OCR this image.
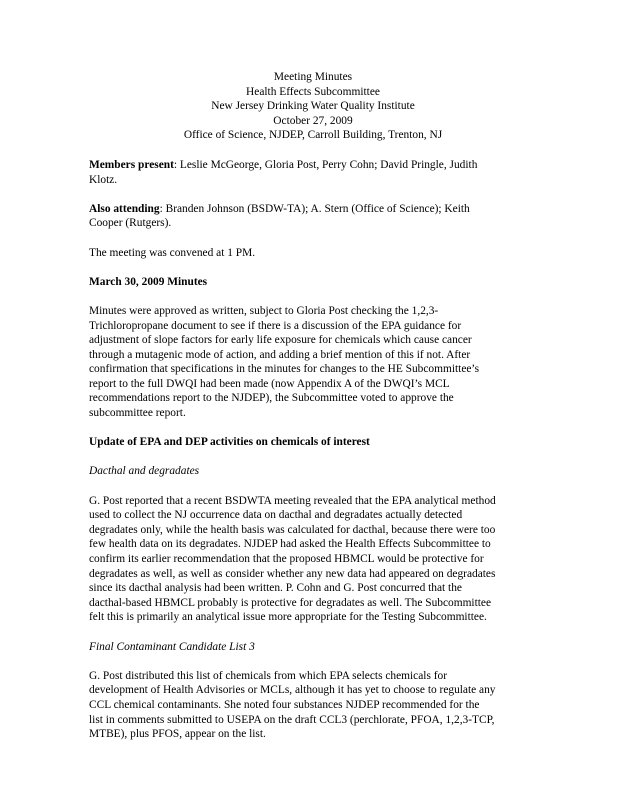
Meeting Minutes
Health Effects Subcommittee
New Jersey Drinking Water Quality Institute
October 27, 2009
Office of Science, NJDEP, Carroll Building, Trenton, NJ

Members present: Leslie McGeorge, Gloria Post, Perry Cohn; David Pringle, Judith
Klotz.

Also attending: Branden Johnson (BSDW-TA); A. Stern (Office of Science); Keith
Cooper (Rutgers).

The meeting was convened at 1 PM.

March 30, 2009 Minutes

Minutes were approved as written, subject to Gloria Post checking the 1,2,3-
Trichloropropane document to see if there is a discussion of the EPA guidance for
adjustment of slope factors for early life exposure for chemicals which cause cancer
through a mutagenic mode of action, and adding a brief mention of this if not. After
confirmation that specifications in the minutes for changes to the HE Subcommittee’s
report to the full DWQI had been made (now Appendix A of the DWQI’s MCL
recommendations report to the NJDEP), the Subcommittee voted to approve the
subcommittee report.

Update of EPA and DEP activities on chemicals of interest
Dacthal and degradates

G. Post reported that a recent BSDWTA meeting revealed that the EPA analytical method
used to collect the NJ occurrence data on dacthal and degradates actually detected
degradates only, while the health basis was calculated for dacthal, because there were too
few health data on its degradates. NJDEP had asked the Health Effects Subcommittee to
confirm its earlier recommendation that the proposed HBMCL would be protective for
degradates as well, as well as consider whether any new data had appeared on degradates
since its dacthal analysis had been written. P. Cohn and G. Post concurred that the
dacthal-based HBMCL probably is protective for degradates as well. The Subcommittee
felt this is primarily an analytical issue more appropriate for the Testing Subcommittee.

Final Contaminant Candidate List 3

G. Post distributed this list of chemicals from which EPA selects chemicals for
development of Health Advisories or MCLs, although it has yet to choose to regulate any
CCL chemical contaminants. She noted four substances NJDEP recommended for the
list in comments submitted to USEPA on the draft CCL3 (perchlorate, PFOA, 1,2,3-TCP,
MTBE), plus PFOS, appear on the list.
